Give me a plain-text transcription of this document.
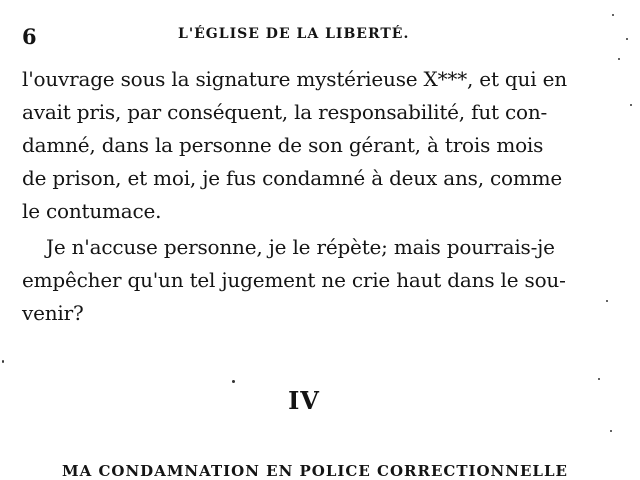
6	L'ÉGLISE DE LA LIBERTÉ.
l'ouvrage sous la signature mystérieuse X***, et qui en
avait pris, par conséquent, la responsabilité, fut con-
damné, dans la personne de son gérant, à trois mois
de prison, et moi, je fus condamné à deux ans, comme
le contumace.
Je n'accuse personne, je le répète; mais pourrais-je
empêcher qu'un tel jugement ne crie haut dans le sou-
venir?
IV
MA CONDAMNATION EN POLICE CORRECTIONNELLE
